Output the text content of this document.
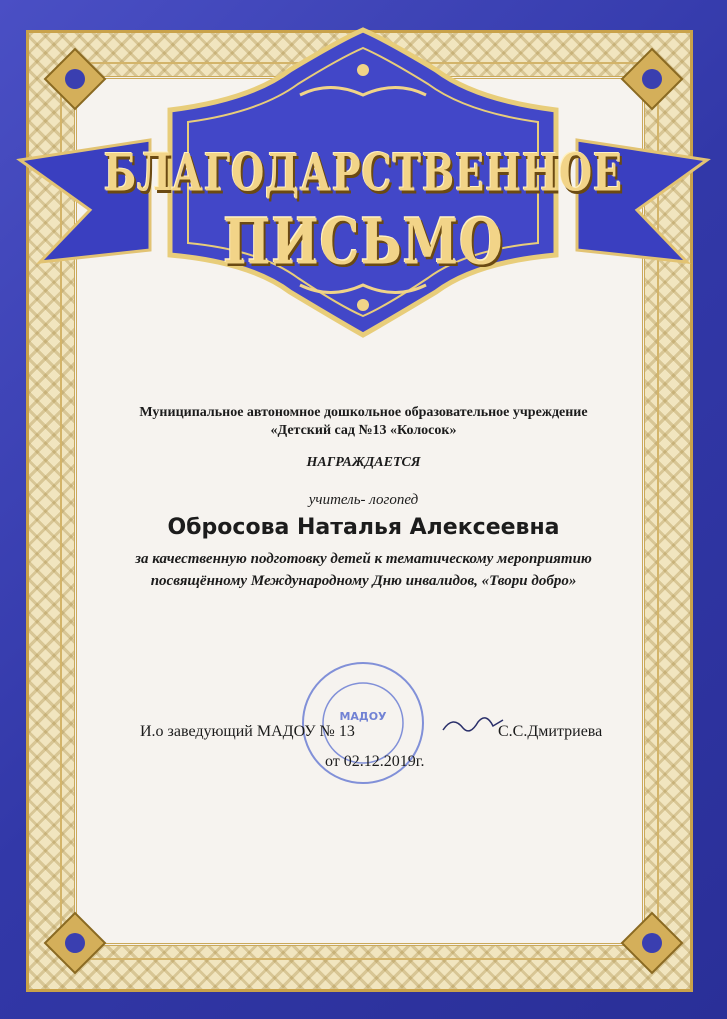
БЛАГОДАРСТВЕННОЕ
ПИСЬМО
Муниципальное автономное дошкольное образовательное учреждение
«Детский сад №13 «Колосок»
НАГРАЖДАЕТСЯ
учитель- логопед
Обросова Наталья Алексеевна
за качественную подготовку детей к тематическому мероприятию
посвящённому Международному Дню инвалидов, «Твори добро»
МАДОУ
И.о заведующий МАДОУ № 13	С.С.Дмитриева
от 02.12.2019г.
